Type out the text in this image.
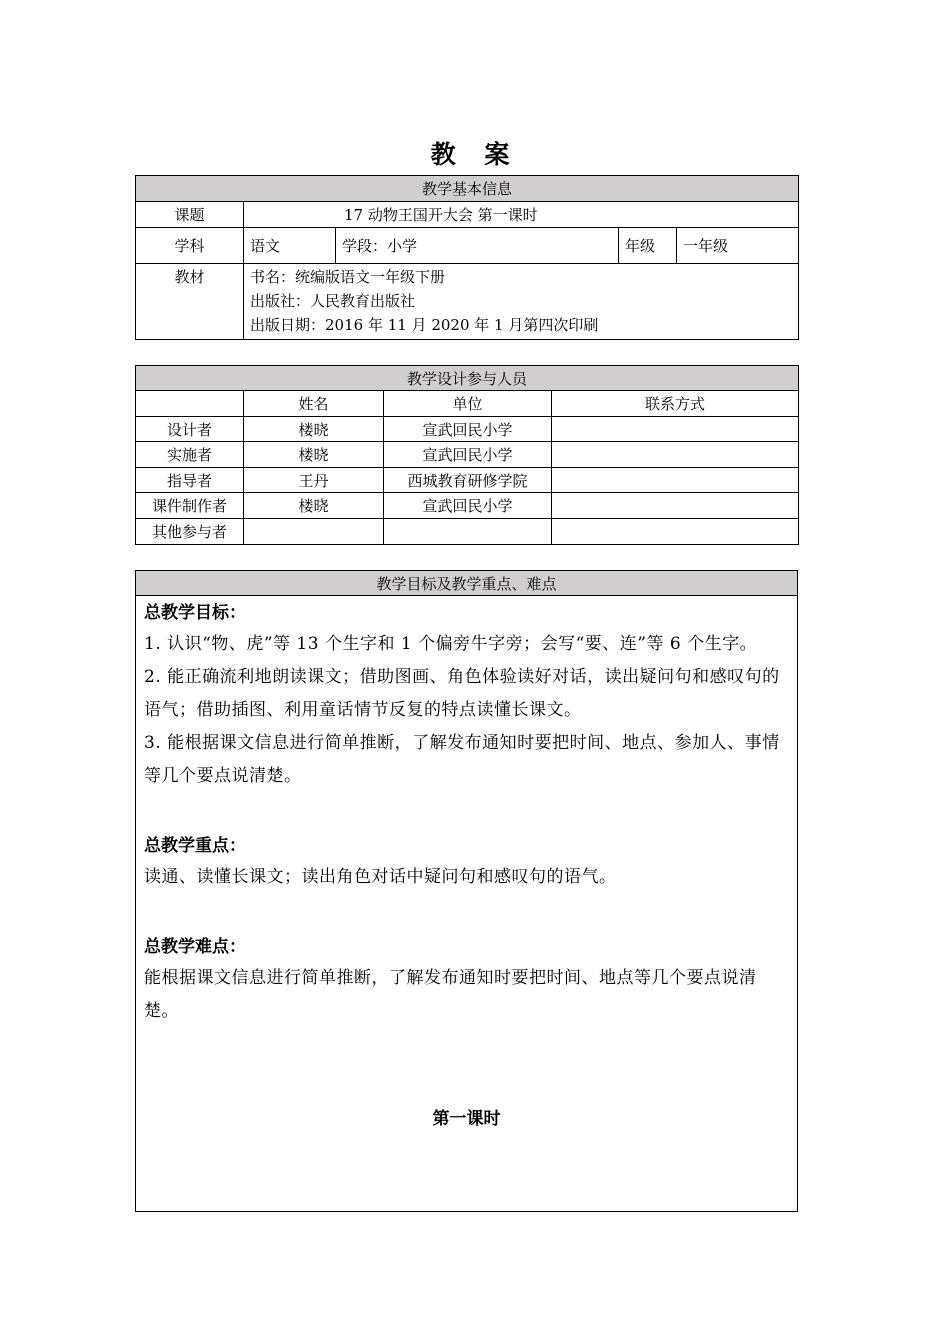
教 案
教学基本信息				
课题	17 动物王国开大会 第一课时			
学科	语文	学段：小学	年级	一年级
教材	书名：统编版语文一年级下册
出版社：人民教育出版社
出版日期：2016 年 11 月 2020 年 1 月第四次印刷			
教学设计参与人员			
	姓名	单位	联系方式
设计者	楼晓	宣武回民小学	
实施者	楼晓	宣武回民小学	
指导者	王丹	西城教育研修学院	
课件制作者	楼晓	宣武回民小学	
其他参与者			
教学目标及教学重点、难点

总教学目标：
1. 认识“物、虎”等 13 个生字和 1 个偏旁牛字旁；会写“要、连”等 6 个生字。
2. 能正确流利地朗读课文；借助图画、角色体验读好对话，读出疑问句和感叹句的语气；借助插图、利用童话情节反复的特点读懂长课文。
3. 能根据课文信息进行简单推断，了解发布通知时要把时间、地点、参加人、事情等几个要点说清楚。
总教学重点：
读通、读懂长课文；读出角色对话中疑问句和感叹句的语气。
总教学难点：
能根据课文信息进行简单推断，了解发布通知时要把时间、地点等几个要点说清楚。
第一课时
